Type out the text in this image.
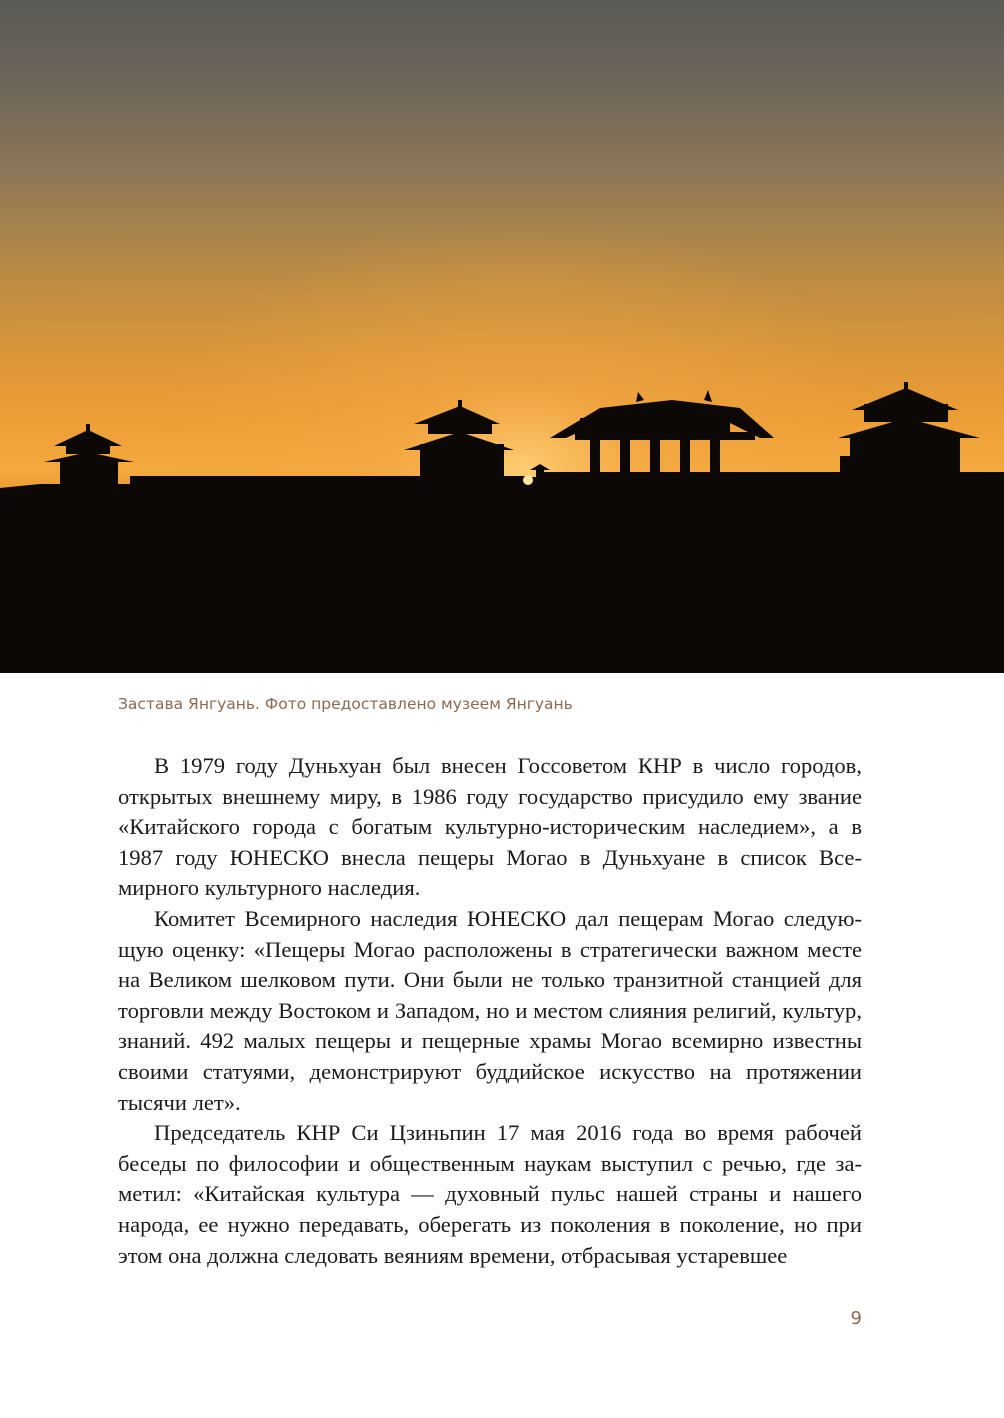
Застава Янгуань. Фото предоставлено музеем Янгуань

В 1979 году Дуньхуан был внесен Госсоветом КНР в число городов, открытых внешнему миру, в 1986 году государство присудило ему звание «Китайского города с богатым культурно-историческим наследием», а в 1987 году ЮНЕСКО внесла пещеры Могао в Дуньхуане в список Всемирного культурного наследия.

Комитет Всемирного наследия ЮНЕСКО дал пещерам Могао следующую оценку: «Пещеры Могао расположены в стратегически важном месте на Великом шелковом пути. Они были не только транзитной станцией для торговли между Востоком и Западом, но и местом слияния религий, культур, знаний. 492 малых пещеры и пещерные храмы Могао всемирно известны своими статуями, демонстрируют буддийское искусство на протяжении тысячи лет».

Председатель КНР Си Цзиньпин 17 мая 2016 года во время рабочей беседы по философии и общественным наукам выступил с речью, где заметил: «Китайская культура — духовный пульс нашей страны и нашего народа, ее нужно передавать, оберегать из поколения в поколение, но при этом она должна следовать веяниям времени, отбрасывая устаревшее

9
